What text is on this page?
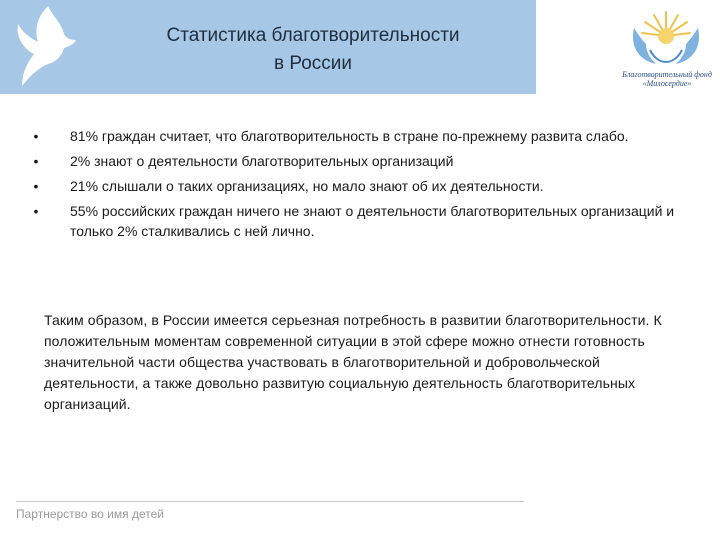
Статистика благотворительности
в России
Благотворительный фонд
«Милосердие»
• 81% граждан считает, что благотворительность в стране по-прежнему развита слабо.
• 2% знают о деятельности благотворительных организаций
• 21% слышали о таких организациях, но мало знают об их деятельности.
• 55% российских граждан ничего не знают о деятельности благотворительных организаций и только 2% сталкивались с ней лично.

Таким образом, в России имеется серьезная потребность в развитии благотворительности. К положительным моментам современной ситуации в этой сфере можно отнести готовность значительной части общества участвовать в благотворительной и добровольческой деятельности, а также довольно развитую социальную деятельность благотворительных организаций.

Партнерство во имя детей
